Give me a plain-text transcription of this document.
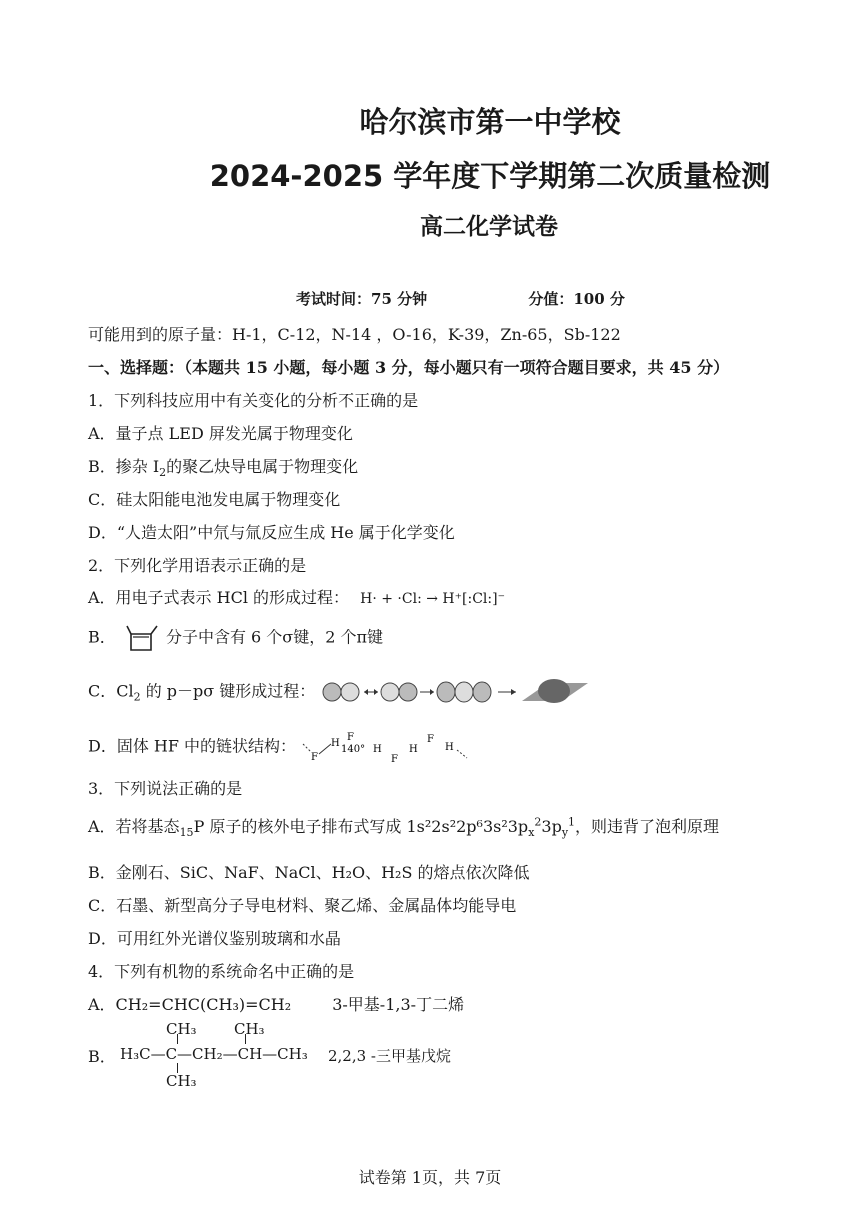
哈尔滨市第一中学校
2024-2025 学年度下学期第二次质量检测
高二化学试卷
考试时间：75 分钟	分值：100 分
可能用到的原子量：H-1，C-12，N-14 ，O-16，K-39，Zn-65，Sb-122
一、选择题：（本题共 15 小题，每小题 3 分，每小题只有一项符合题目要求，共 45 分）
1．下列科技应用中有关变化的分析不正确的是
A．量子点 LED 屏发光属于物理变化
B．掺杂 $I_2$的聚乙炔导电属于物理变化
C．硅太阳能电池发电属于物理变化
D．“人造太阳”中氘与氚反应生成 He 属于化学变化
2．下列化学用语表示正确的是
A．用电子式表示 HCl 的形成过程： H· + ·Cl: → H⁺[:Cl:]⁻
B．	分子中含有 6 个σ键，2 个π键
C．$Cl_2$ 的 p－pσ 键形成过程：
D．固体 HF 中的链状结构：
F
H
F
140° H
F
H
F
H
3．下列说法正确的是
A．若将基态$_{15}$P 原子的核外电子排布式写成 $1s^22s^22p^63s^23p_x^23p_y^1$，则违背了泡利原理
B．金刚石、SiC、NaF、NaCl、H₂O、H₂S 的熔点依次降低
C．石墨、新型高分子导电材料、聚乙烯、金属晶体均能导电
D．可用红外光谱仪鉴别玻璃和水晶
4．下列有机物的系统命名中正确的是
A．CH₂=CHC(CH₃)=CH₂	3-甲基-1,3-丁二烯
B．
CH₃ CH₃
H₃C—C—CH₂—CH—CH₃
CH₃
2,2,3 -三甲基戊烷
试卷第 1页，共 7页
